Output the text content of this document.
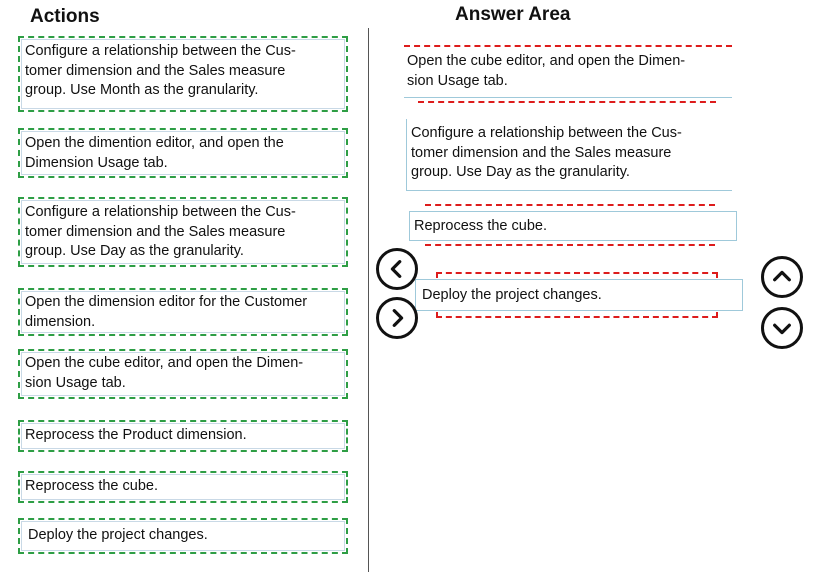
Actions	Answer Area
Configure a relationship between the Cus-
tomer dimension and the Sales measure
group. Use Month as the granularity.
Open the dimention editor, and open the
Dimension Usage tab.
Configure a relationship between the Cus-
tomer dimension and the Sales measure
group. Use Day as the granularity.
Open the dimension editor for the Customer
dimension.
Open the cube editor, and open the Dimen-
sion Usage tab.
Reprocess the Product dimension.
Reprocess the cube.
Deploy the project changes.
Open the cube editor, and open the Dimen-
sion Usage tab.
Configure a relationship between the Cus-
tomer dimension and the Sales measure
group. Use Day as the granularity.
Reprocess the cube.
Deploy the project changes.
